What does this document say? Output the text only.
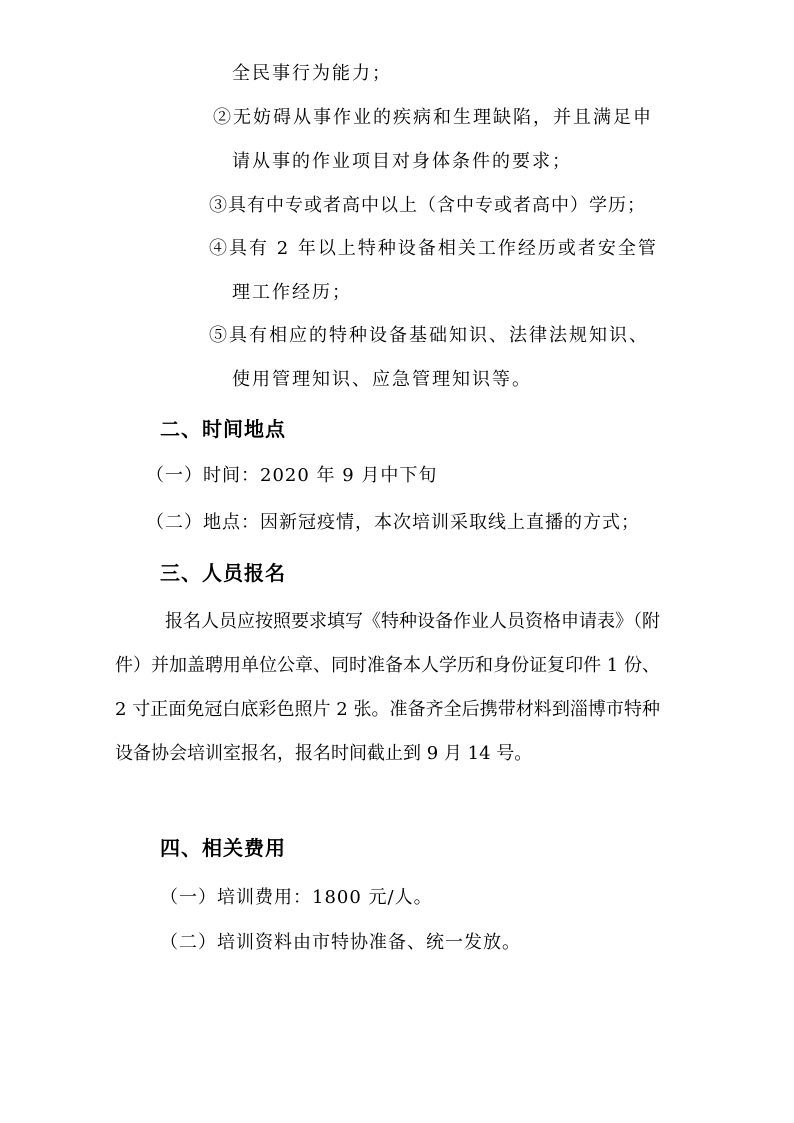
全民事行为能力；
②无妨碍从事作业的疾病和生理缺陷，并且满足申
请从事的作业项目对身体条件的要求；
③具有中专或者高中以上（含中专或者高中）学历；
④具有 2 年以上特种设备相关工作经历或者安全管
理工作经历；
⑤具有相应的特种设备基础知识、法律法规知识、
使用管理知识、应急管理知识等。
二、时间地点
（一）时间：2020 年 9 月中下旬
（二）地点：因新冠疫情，本次培训采取线上直播的方式；
三、人员报名
报名人员应按照要求填写《特种设备作业人员资格申请表》（附件）并加盖聘用单位公章、同时准备本人学历和身份证复印件 1 份、2 寸正面免冠白底彩色照片 2 张。准备齐全后携带材料到淄博市特种设备协会培训室报名，报名时间截止到 9 月 14 号。
四、相关费用
（一）培训费用：1800 元/人。
（二）培训资料由市特协准备、统一发放。
